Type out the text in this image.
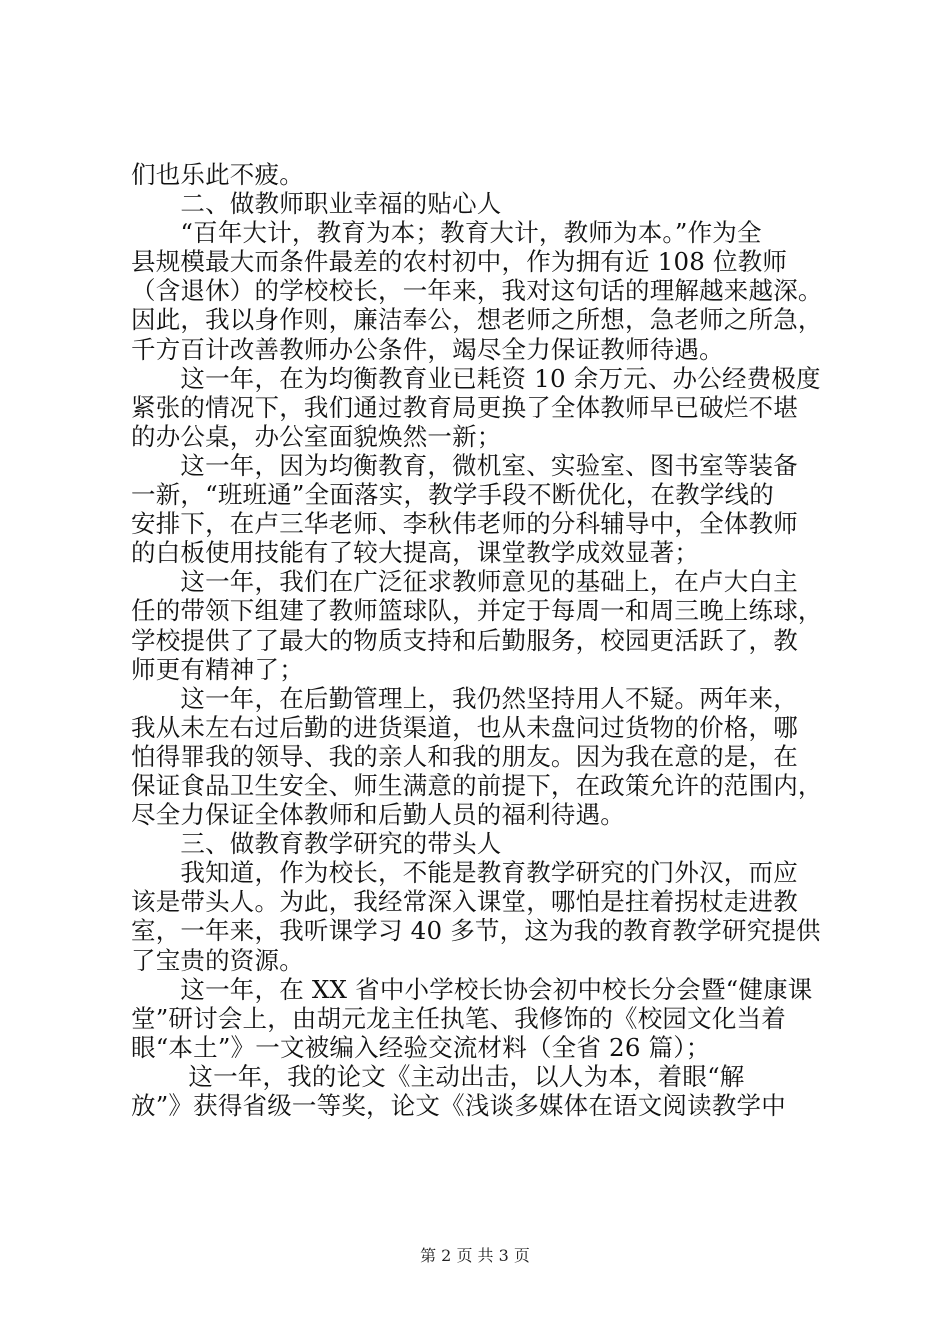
们也乐此不疲。
　　二、做教师职业幸福的贴心人
　　“百年大计，教育为本；教育大计，教师为本。”作为全
县规模最大而条件最差的农村初中，作为拥有近 108 位教师
（含退休）的学校校长，一年来，我对这句话的理解越来越深。
因此，我以身作则，廉洁奉公，想老师之所想，急老师之所急，
千方百计改善教师办公条件，竭尽全力保证教师待遇。
　　这一年，在为均衡教育业已耗资 10 余万元、办公经费极度
紧张的情况下，我们通过教育局更换了全体教师早已破烂不堪
的办公桌，办公室面貌焕然一新；
　　这一年，因为均衡教育，微机室、实验室、图书室等装备
一新，“班班通”全面落实，教学手段不断优化，在教学线的
安排下，在卢三华老师、李秋伟老师的分科辅导中，全体教师
的白板使用技能有了较大提高，课堂教学成效显著；
　　这一年，我们在广泛征求教师意见的基础上，在卢大白主
任的带领下组建了教师篮球队，并定于每周一和周三晚上练球，
学校提供了了最大的物质支持和后勤服务，校园更活跃了，教
师更有精神了；
　　这一年，在后勤管理上，我仍然坚持用人不疑。两年来，
我从未左右过后勤的进货渠道，也从未盘问过货物的价格，哪
怕得罪我的领导、我的亲人和我的朋友。因为我在意的是，在
保证食品卫生安全、师生满意的前提下，在政策允许的范围内，
尽全力保证全体教师和后勤人员的福利待遇。
　　三、做教育教学研究的带头人
　　我知道，作为校长，不能是教育教学研究的门外汉，而应
该是带头人。为此，我经常深入课堂，哪怕是拄着拐杖走进教
室，一年来，我听课学习 40 多节，这为我的教育教学研究提供
了宝贵的资源。
　　这一年，在 XX 省中小学校长协会初中校长分会暨“健康课
堂”研讨会上，由胡元龙主任执笔、我修饰的《校园文化当着
眼“本土”》一文被编入经验交流材料（全省 26 篇）；
　　 这一年，我的论文《主动出击，以人为本，着眼“解
放”》获得省级一等奖，论文《浅谈多媒体在语文阅读教学中
第 2 页 共 3 页
